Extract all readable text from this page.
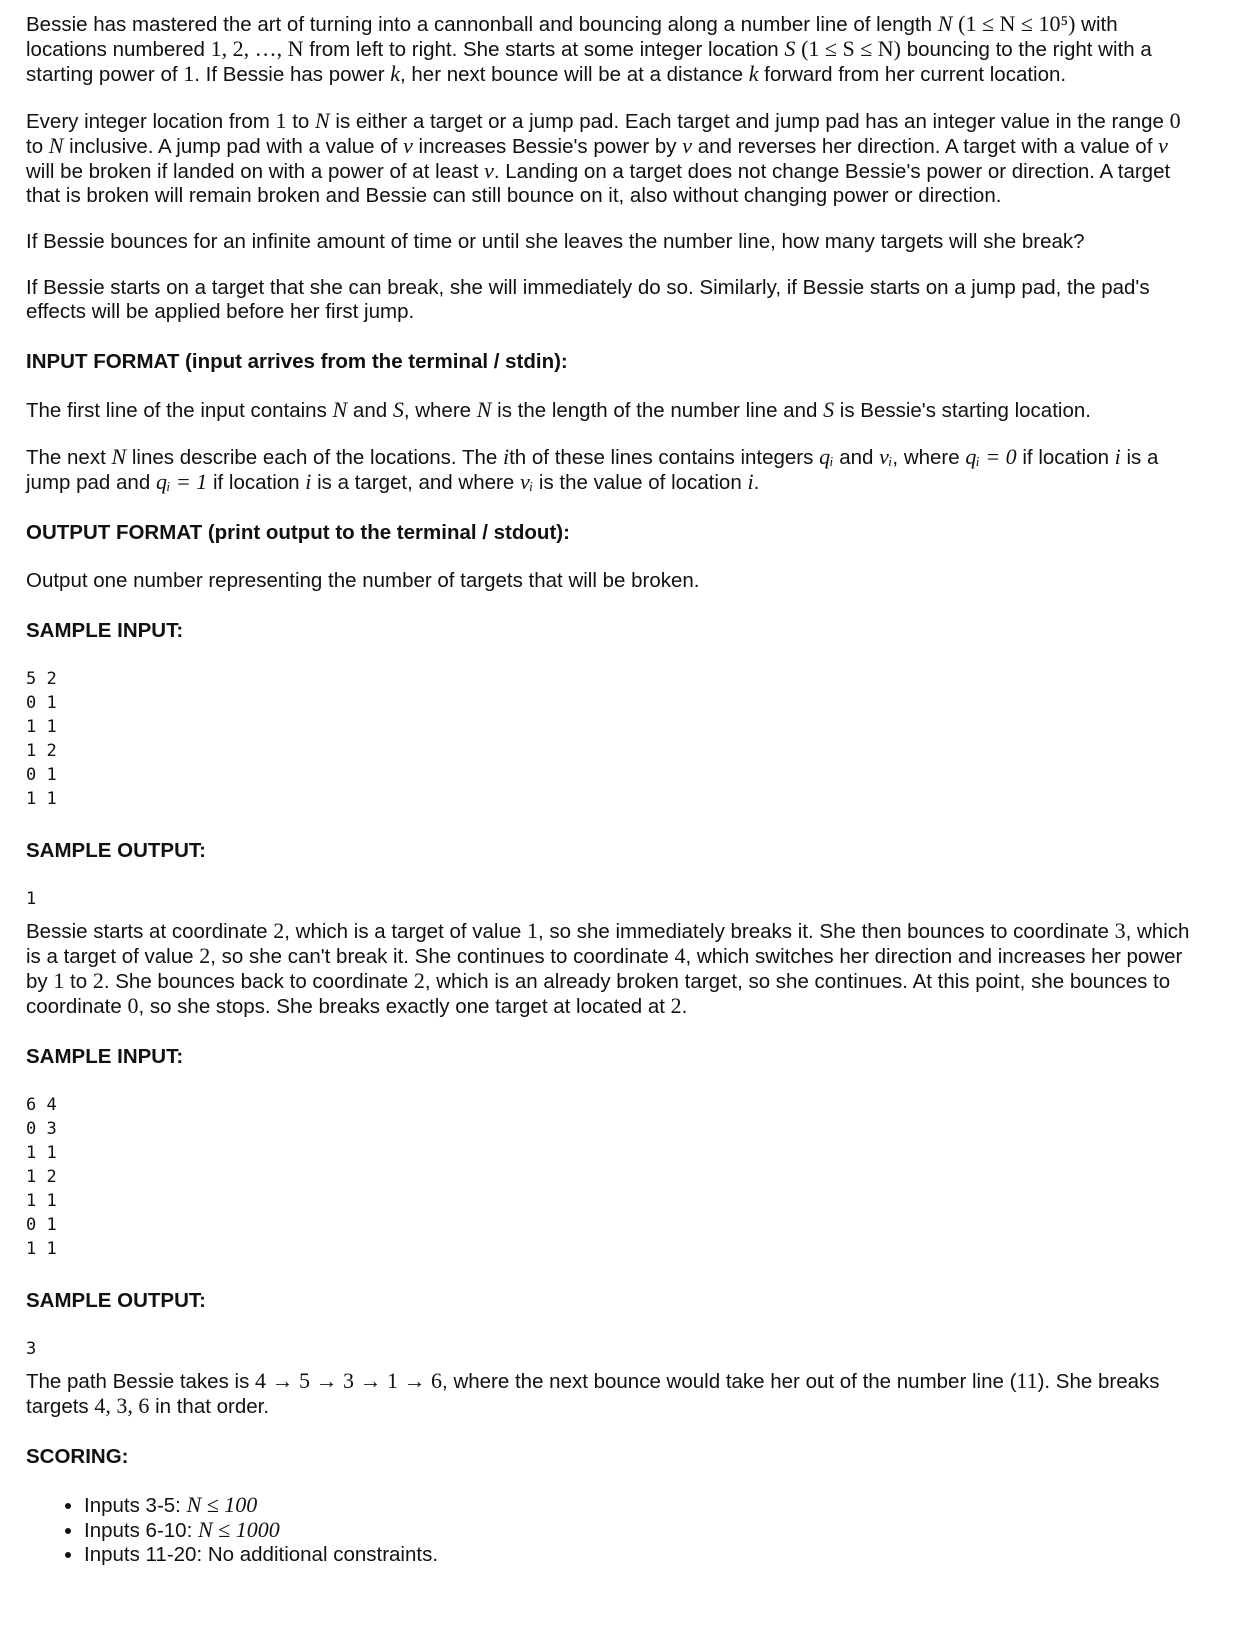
Bessie has mastered the art of turning into a cannonball and bouncing along a number line of length N (1 ≤ N ≤ 10⁵) with locations numbered 1, 2, …, N from left to right. She starts at some integer location S (1 ≤ S ≤ N) bouncing to the right with a starting power of 1. If Bessie has power k, her next bounce will be at a distance k forward from her current location.

Every integer location from 1 to N is either a target or a jump pad. Each target and jump pad has an integer value in the range 0 to N inclusive. A jump pad with a value of v increases Bessie's power by v and reverses her direction. A target with a value of v will be broken if landed on with a power of at least v. Landing on a target does not change Bessie's power or direction. A target that is broken will remain broken and Bessie can still bounce on it, also without changing power or direction.

If Bessie bounces for an infinite amount of time or until she leaves the number line, how many targets will she break?

If Bessie starts on a target that she can break, she will immediately do so. Similarly, if Bessie starts on a jump pad, the pad's effects will be applied before her first jump.

INPUT FORMAT (input arrives from the terminal / stdin):

The first line of the input contains N and S, where N is the length of the number line and S is Bessie's starting location.

The next N lines describe each of the locations. The ith of these lines contains integers qᵢ and vᵢ, where qᵢ = 0 if location i is a jump pad and qᵢ = 1 if location i is a target, and where vᵢ is the value of location i.

OUTPUT FORMAT (print output to the terminal / stdout):

Output one number representing the number of targets that will be broken.

SAMPLE INPUT:

5 2
0 1
1 1
1 2
0 1
1 1

SAMPLE OUTPUT:

1

Bessie starts at coordinate 2, which is a target of value 1, so she immediately breaks it. She then bounces to coordinate 3, which is a target of value 2, so she can't break it. She continues to coordinate 4, which switches her direction and increases her power by 1 to 2. She bounces back to coordinate 2, which is an already broken target, so she continues. At this point, she bounces to coordinate 0, so she stops. She breaks exactly one target at located at 2.

SAMPLE INPUT:

6 4
0 3
1 1
1 2
1 1
0 1
1 1

SAMPLE OUTPUT:

3

The path Bessie takes is 4 → 5 → 3 → 1 → 6, where the next bounce would take her out of the number line (11). She breaks targets 4, 3, 6 in that order.

SCORING:

• Inputs 3-5: N ≤ 100
• Inputs 6-10: N ≤ 1000
• Inputs 11-20: No additional constraints.
